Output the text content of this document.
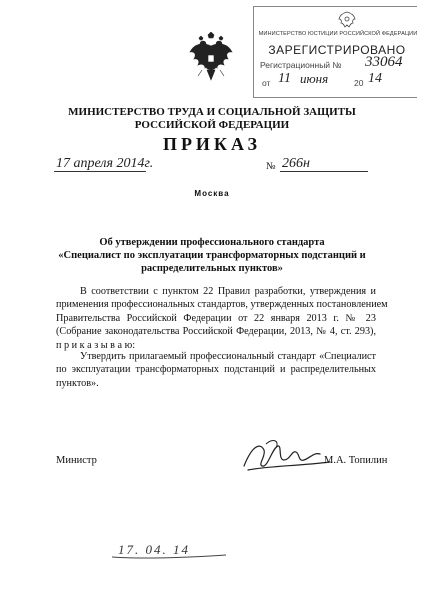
МИНИСТЕРСТВО ЮСТИЦИИ РОССИЙСКОЙ ФЕДЕРАЦИИ
ЗАРЕГИСТРИРОВАНО
Регистрационный № 33064
от 11 июня	20 14
МИНИСТЕРСТВО ТРУДА И СОЦИАЛЬНОЙ ЗАЩИТЫ
РОССИЙСКОЙ ФЕДЕРАЦИИ
ПРИКАЗ
17 апреля 2014г.	№ 266н
Москва
Об утверждении профессионального стандарта
«Специалист по эксплуатации трансформаторных подстанций и
распределительных пунктов»
В соответствии с пунктом 22 Правил разработки, утверждения и
применения профессиональных стандартов, утвержденных постановлением
Правительства Российской Федерации от 22 января 2013 г. № 23
(Собрание законодательства Российской Федерации, 2013, № 4, ст. 293),
п р и к а з ы в а ю:
Утвердить прилагаемый профессиональный стандарт «Специалист
по эксплуатации трансформаторных подстанций и распределительных
пунктов».
Министр	М.А. Топилин
17. 04. 14
